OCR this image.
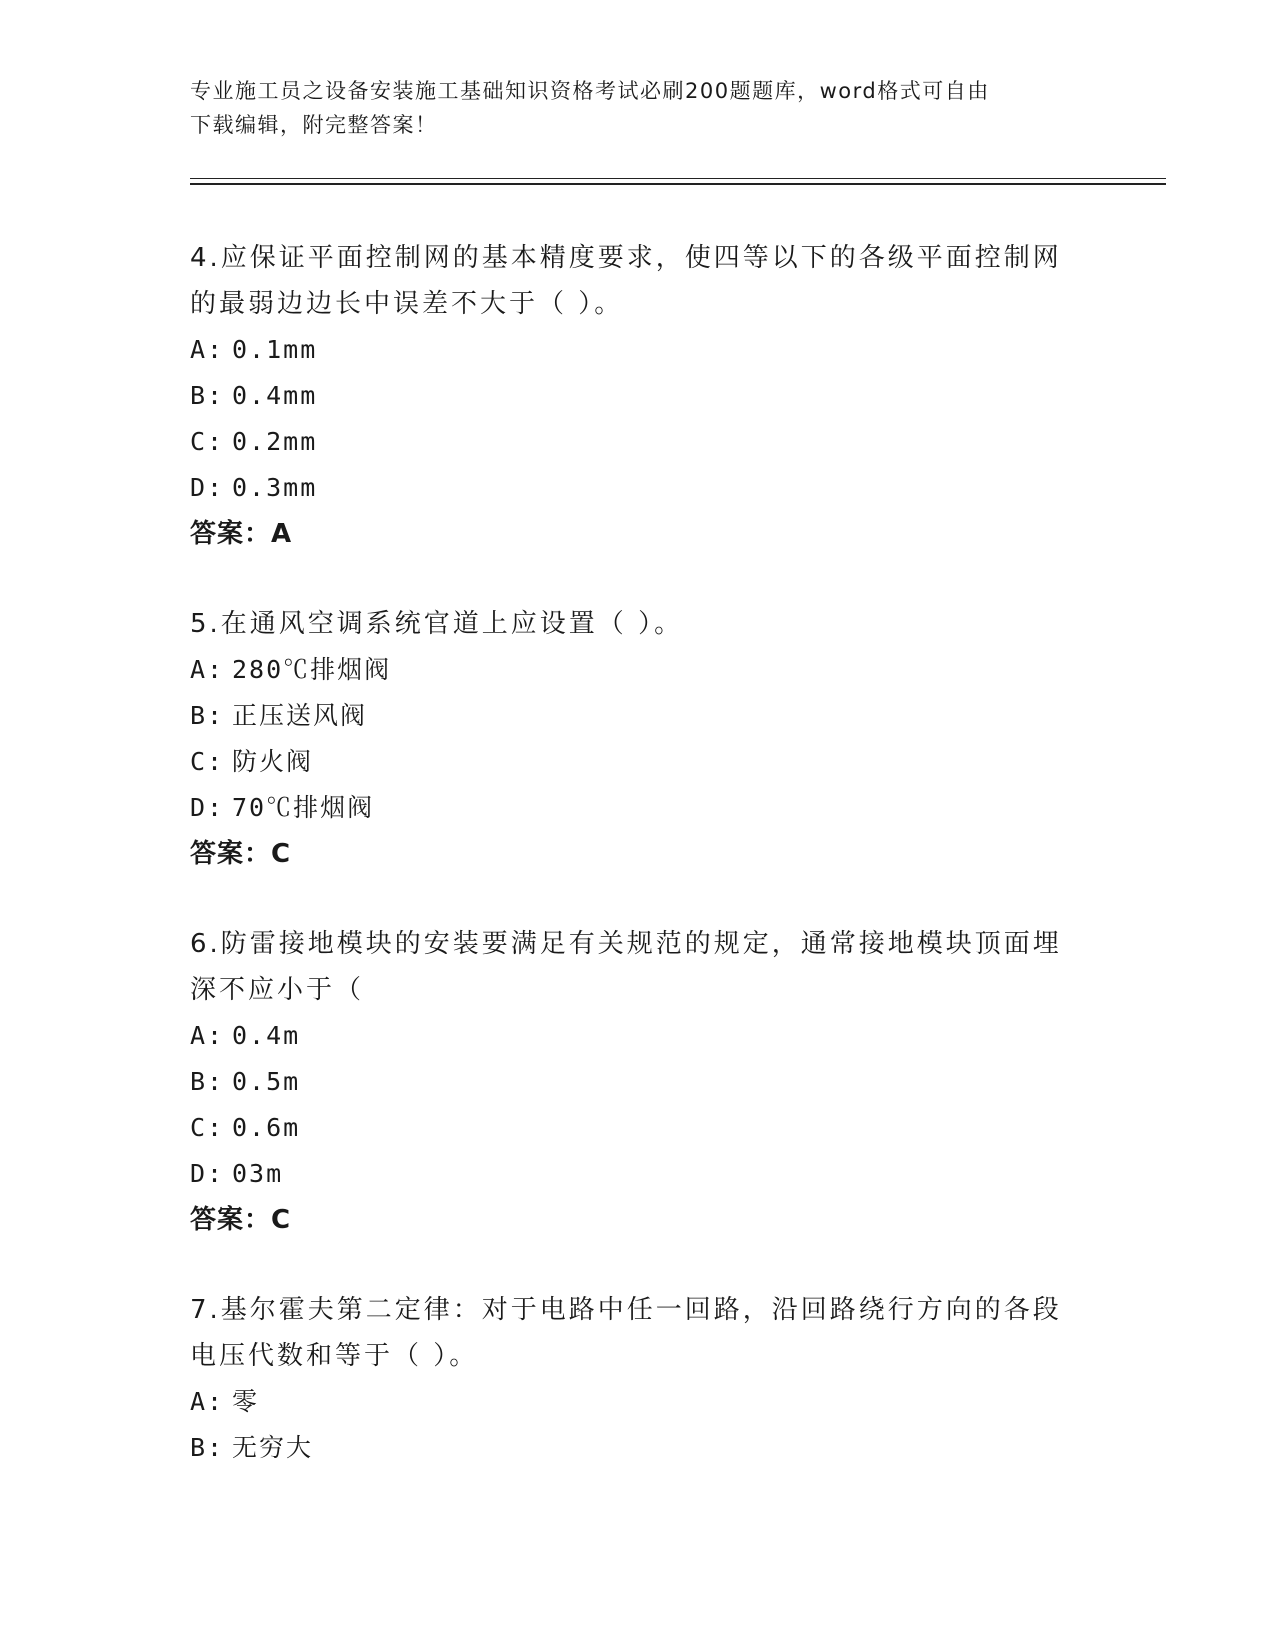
专业施工员之设备安装施工基础知识资格考试必刷200题题库，word格式可自由
下载编辑，附完整答案！
4.应保证平面控制网的基本精度要求，使四等以下的各级平面控制网
的最弱边边长中误差不大于（ ）。
A: 0.1mm
B: 0.4mm
C: 0.2mm
D: 0.3mm
答案：A
5.在通风空调系统官道上应设置（ ）。
A: 280℃排烟阀
B: 正压送风阀
C: 防火阀
D: 70℃排烟阀
答案：C
6.防雷接地模块的安装要满足有关规范的规定，通常接地模块顶面埋
深不应小于（
A: 0.4m
B: 0.5m
C: 0.6m
D: 03m
答案：C
7.基尔霍夫第二定律：对于电路中任一回路，沿回路绕行方向的各段
电压代数和等于（ ）。
A: 零
B: 无穷大
